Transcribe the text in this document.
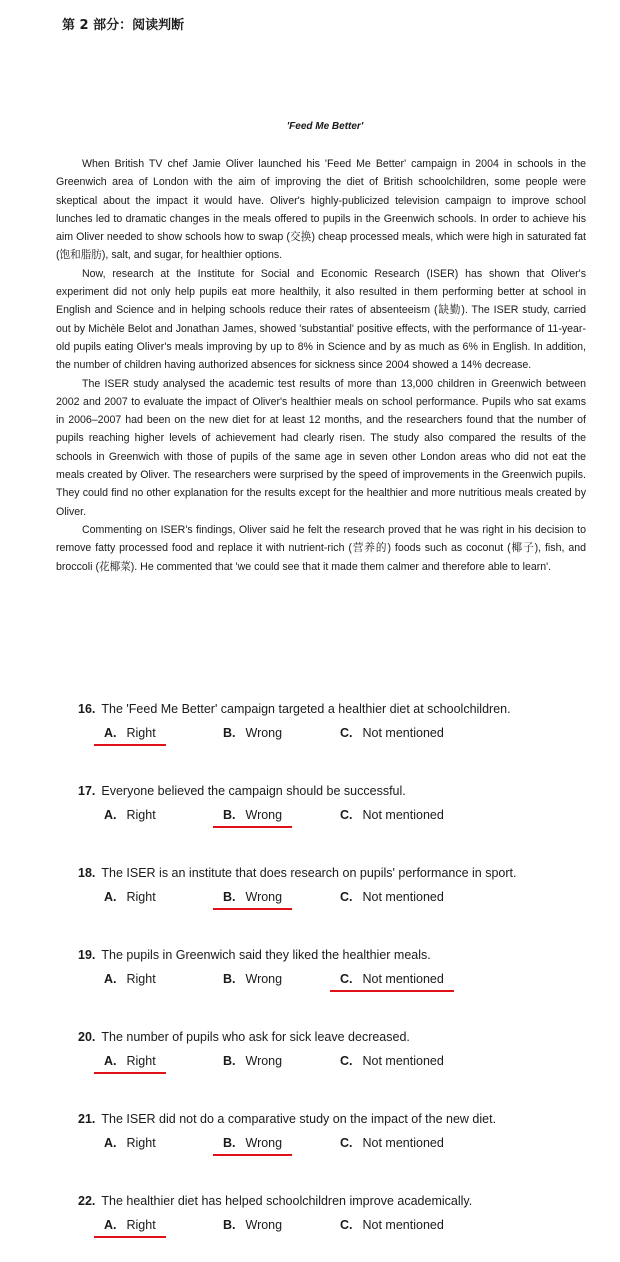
第 2 部分：阅读判断
'Feed Me Better'

When British TV chef Jamie Oliver launched his 'Feed Me Better' campaign in 2004 in schools in the Greenwich area of London with the aim of improving the diet of British schoolchildren, some people were skeptical about the impact it would have. Oliver's highly-publicized television campaign to improve school lunches led to dramatic changes in the meals offered to pupils in the Greenwich schools. In order to achieve his aim Oliver needed to show schools how to swap (交换) cheap processed meals, which were high in saturated fat (饱和脂肪), salt, and sugar, for healthier options.

Now, research at the Institute for Social and Economic Research (ISER) has shown that Oliver's experiment did not only help pupils eat more healthily, it also resulted in them performing better at school in English and Science and in helping schools reduce their rates of absenteeism (缺勤). The ISER study, carried out by Michèle Belot and Jonathan James, showed 'substantial' positive effects, with the performance of 11-year-old pupils eating Oliver's meals improving by up to 8% in Science and by as much as 6% in English. In addition, the number of children having authorized absences for sickness since 2004 showed a 14% decrease.

The ISER study analysed the academic test results of more than 13,000 children in Greenwich between 2002 and 2007 to evaluate the impact of Oliver's healthier meals on school performance. Pupils who sat exams in 2006–2007 had been on the new diet for at least 12 months, and the researchers found that the number of pupils reaching higher levels of achievement had clearly risen. The study also compared the results of the schools in Greenwich with those of pupils of the same age in seven other London areas who did not eat the meals created by Oliver. The researchers were surprised by the speed of improvements in the Greenwich pupils. They could find no other explanation for the results except for the healthier and more nutritious meals created by Oliver.

Commenting on ISER's findings, Oliver said he felt the research proved that he was right in his decision to remove fatty processed food and replace it with nutrient-rich (营养的) foods such as coconut (椰子), fish, and broccoli (花椰菜). He commented that 'we could see that it made them calmer and therefore able to learn'.

16. The 'Feed Me Better' campaign targeted a healthier diet at schoolchildren.
A. Right	B. Wrong	C. Not mentioned
17. Everyone believed the campaign should be successful.
A. Right	B. Wrong	C. Not mentioned
18. The ISER is an institute that does research on pupils' performance in sport.
A. Right	B. Wrong	C. Not mentioned
19. The pupils in Greenwich said they liked the healthier meals.
A. Right	B. Wrong	C. Not mentioned
20. The number of pupils who ask for sick leave decreased.
A. Right	B. Wrong	C. Not mentioned
21. The ISER did not do a comparative study on the impact of the new diet.
A. Right	B. Wrong	C. Not mentioned
22. The healthier diet has helped schoolchildren improve academically.
A. Right	B. Wrong	C. Not mentioned
